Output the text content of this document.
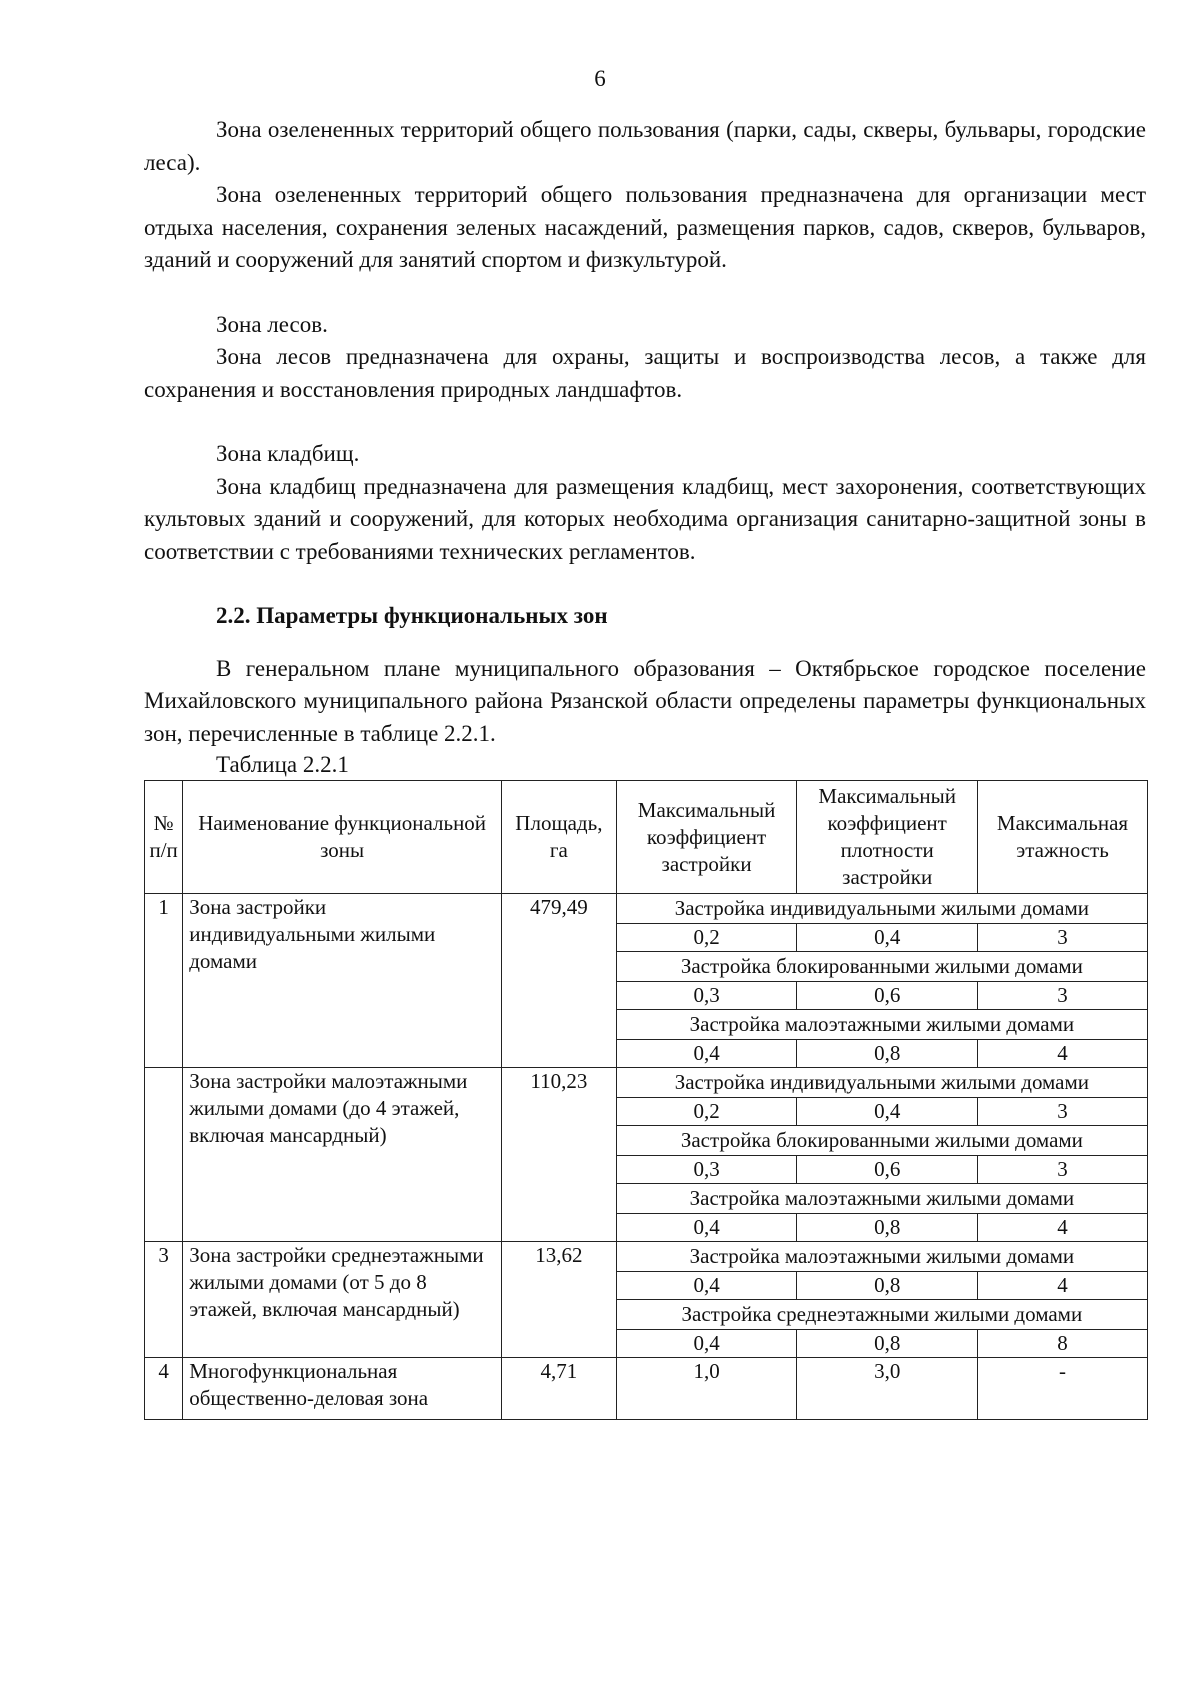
6

Зона озелененных территорий общего пользования (парки, сады, скверы, бульвары, городские леса).

Зона озелененных территорий общего пользования предназначена для организации мест отдыха населения, сохранения зеленых насаждений, размещения парков, садов, скверов, бульваров, зданий и сооружений для занятий спортом и физкультурой.

Зона лесов.

Зона лесов предназначена для охраны, защиты и воспроизводства лесов, а также для сохранения и восстановления природных ландшафтов.

Зона кладбищ.

Зона кладбищ предназначена для размещения кладбищ, мест захоронения, соответствующих культовых зданий и сооружений, для которых необходима организация санитарно-защитной зоны в соответствии с требованиями технических регламентов.

2.2. Параметры функциональных зон

В генеральном плане муниципального образования – Октябрьское городское поселение Михайловского муниципального района Рязанской области определены параметры функциональных зон, перечисленные в таблице 2.2.1.

Таблица 2.2.1

№ п/п	Наименование функциональной зоны	Площадь, га	Максимальный коэффициент застройки	Максимальный коэффициент плотности застройки	Максимальная этажность
1	Зона застройки индивидуальными жилыми домами	479,49	Застройка индивидуальными жилыми домами		
			0,2	0,4	3
			Застройка блокированными жилыми домами		
			0,3	0,6	3
			Застройка малоэтажными жилыми домами		
			0,4	0,8	4
	Зона застройки малоэтажными жилыми домами (до 4 этажей, включая мансардный)	110,23	Застройка индивидуальными жилыми домами		
			0,2	0,4	3
			Застройка блокированными жилыми домами		
			0,3	0,6	3
			Застройка малоэтажными жилыми домами		
			0,4	0,8	4
3	Зона застройки среднеэтажными жилыми домами (от 5 до 8 этажей, включая мансардный)	13,62	Застройка малоэтажными жилыми домами		
			0,4	0,8	4
			Застройка среднеэтажными жилыми домами		
			0,4	0,8	8
4	Многофункциональная общественно-деловая зона	4,71	1,0	3,0	-
